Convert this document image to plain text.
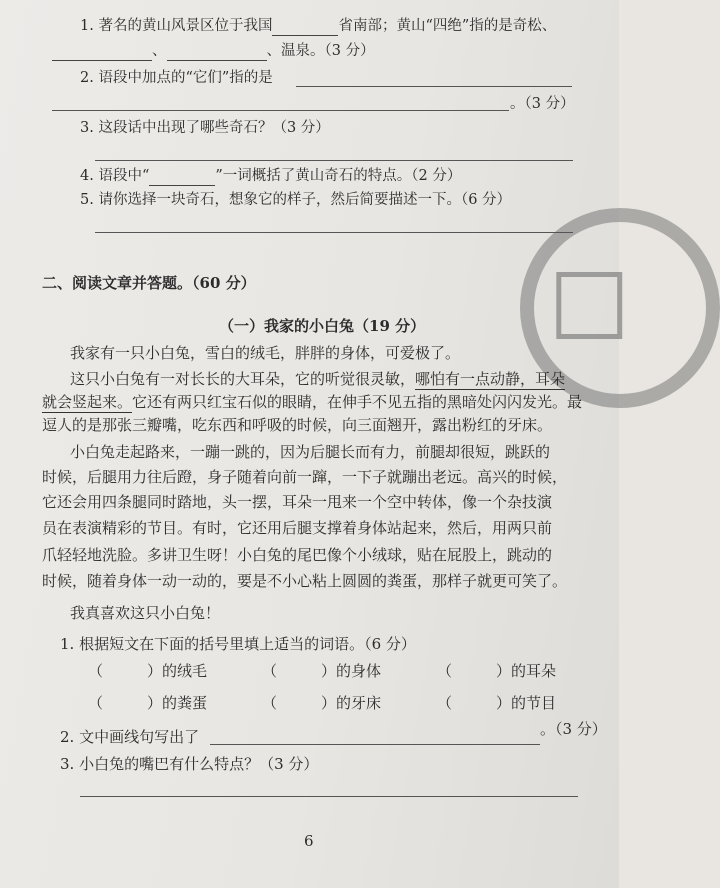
☐
1. 著名的黄山风景区位于我国	省南部；黄山“四绝”指的是奇松、
、	、温泉。（3 分）
2. 语段中加点的“它们”指的是
。（3 分）
3. 这段话中出现了哪些奇石？（3 分）
4. 语段中“	”一词概括了黄山奇石的特点。（2 分）
5. 请你选择一块奇石，想象它的样子，然后简要描述一下。（6 分）
二、阅读文章并答题。（60 分）
（一）我家的小白兔（19 分）
我家有一只小白兔，雪白的绒毛，胖胖的身体，可爱极了。
这只小白兔有一对长长的大耳朵，它的听觉很灵敏，哪怕有一点动静，耳朵
就会竖起来。它还有两只红宝石似的眼睛，在伸手不见五指的黑暗处闪闪发光。最
逗人的是那张三瓣嘴，吃东西和呼吸的时候，向三面翘开，露出粉红的牙床。
小白兔走起路来，一蹦一跳的，因为后腿长而有力，前腿却很短，跳跃的
时候，后腿用力往后蹬，身子随着向前一蹿，一下子就蹦出老远。高兴的时候，
它还会用四条腿同时踏地，头一摆，耳朵一甩来一个空中转体，像一个杂技演
员在表演精彩的节目。有时，它还用后腿支撑着身体站起来，然后，用两只前
爪轻轻地洗脸。多讲卫生呀！小白兔的尾巴像个小绒球，贴在屁股上，跳动的
时候，随着身体一动一动的，要是不小心粘上圆圆的粪蛋，那样子就更可笑了。
我真喜欢这只小白兔！
1. 根据短文在下面的括号里填上适当的词语。（6 分）
（	）的绒毛	（	）的身体	（	）的耳朵
（	）的粪蛋	（	）的牙床	（	）的节目
2. 文中画线句写出了	。（3 分）
3. 小白兔的嘴巴有什么特点？（3 分）
6
